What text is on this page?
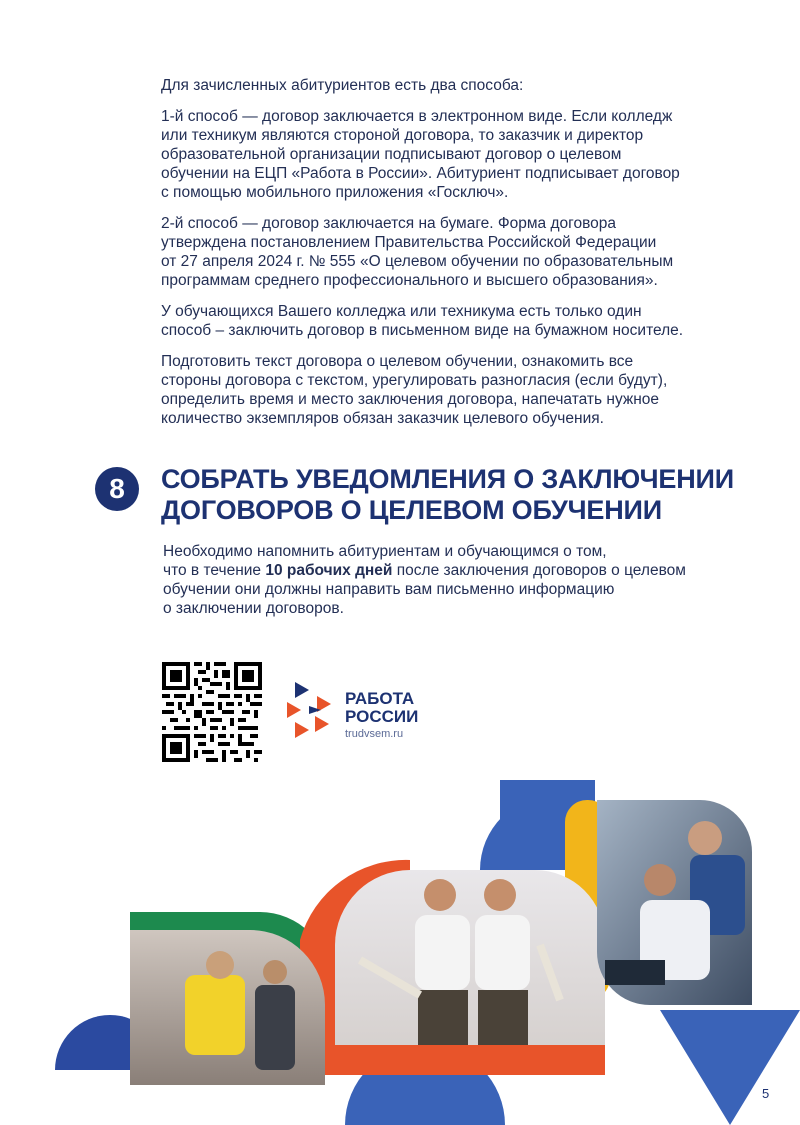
Для зачисленных абитуриентов есть два способа:

1-й способ — договор заключается в электронном виде. Если колледж
или техникум являются стороной договора, то заказчик и директор
образовательной организации подписывают договор о целевом
обучении на ЕЦП «Работа в России». Абитуриент подписывает договор
с помощью мобильного приложения «Госключ».

2-й способ — договор заключается на бумаге. Форма договора
утверждена постановлением Правительства Российской Федерации
от 27 апреля 2024 г. № 555 «О целевом обучении по образовательным
программам среднего профессионального и высшего образования».

У обучающихся Вашего колледжа или техникума есть только один
способ – заключить договор в письменном виде на бумажном носителе.

Подготовить текст договора о целевом обучении, ознакомить все
стороны договора с текстом, урегулировать разногласия (если будут),
определить время и место заключения договора, напечатать нужное
количество экземпляров обязан заказчик целевого обучения.

8 СОБРАТЬ УВЕДОМЛЕНИЯ О ЗАКЛЮЧЕНИИ
ДОГОВОРОВ О ЦЕЛЕВОМ ОБУЧЕНИИ
Необходимо напомнить абитуриентам и обучающимся о том,
что в течение 10 рабочих дней после заключения договоров о целевом
обучении они должны направить вам письменно информацию
о заключении договоров.
РАБОТА
РОССИИ
trudvsem.ru
5
